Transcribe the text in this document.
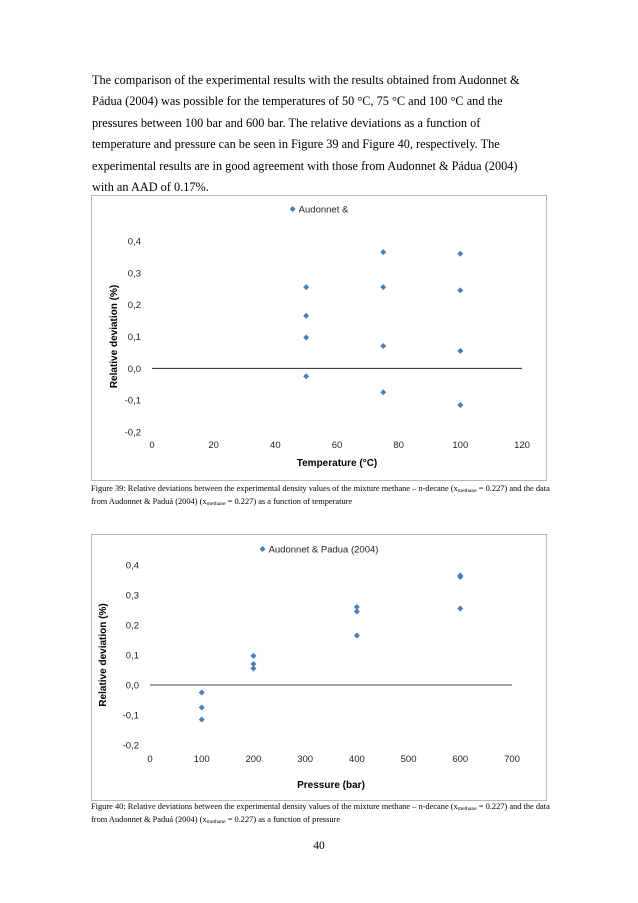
The comparison of the experimental results with the results obtained from Audonnet &
Pádua (2004) was possible for the temperatures of 50 °C, 75 °C and 100 °C and the
pressures between 100 bar and 600 bar. The relative deviations as a function of
temperature and pressure can be seen in Figure 39 and Figure 40, respectively. The
experimental results are in good agreement with those from Audonnet & Pádua (2004)
with an AAD of 0.17%.

-0,2
-0,1
0,0
0,1
0,2
0,3
0,4
0	20	40	60	80	100	120
Temperature (°C)
Relative deviation (%)
Audonnet &

Figure 39: Relative deviations between the experimental density values of the mixture methane – n-decane $(x_{methane} = 0.227)$ and the data from Audonnet & Paduá (2004) $(x_{methane} = 0.227)$ as a function of temperature

-0,2
-0,1
0,0
0,1
0,2
0,3
0,4
0	100	200	300	400	500	600	700
Pressure (bar)
Relative deviation (%)
Audonnet & Padua (2004)

Figure 40: Relative deviations between the experimental density values of the mixture methane – n-decane $(x_{methane} = 0.227)$ and the data from Audonnet & Paduá (2004) $(x_{methane} = 0.227)$ as a function of pressure

40
